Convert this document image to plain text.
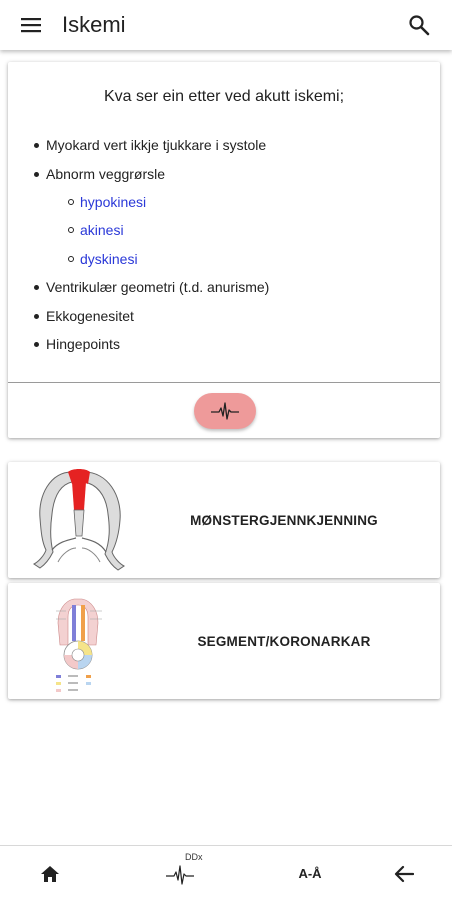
Iskemi
Kva ser ein etter ved akutt iskemi;
Myokard vert ikkje tjukkare i systole
Abnorm veggrørsle
hypokinesi
akinesi
dyskinesi
Ventrikulær geometri (t.d. anurisme)
Ekkogenesitet
Hingepoints
MØNSTERGJENNKJENNING
SEGMENT/KORONARKAR
A-Å
DDx
